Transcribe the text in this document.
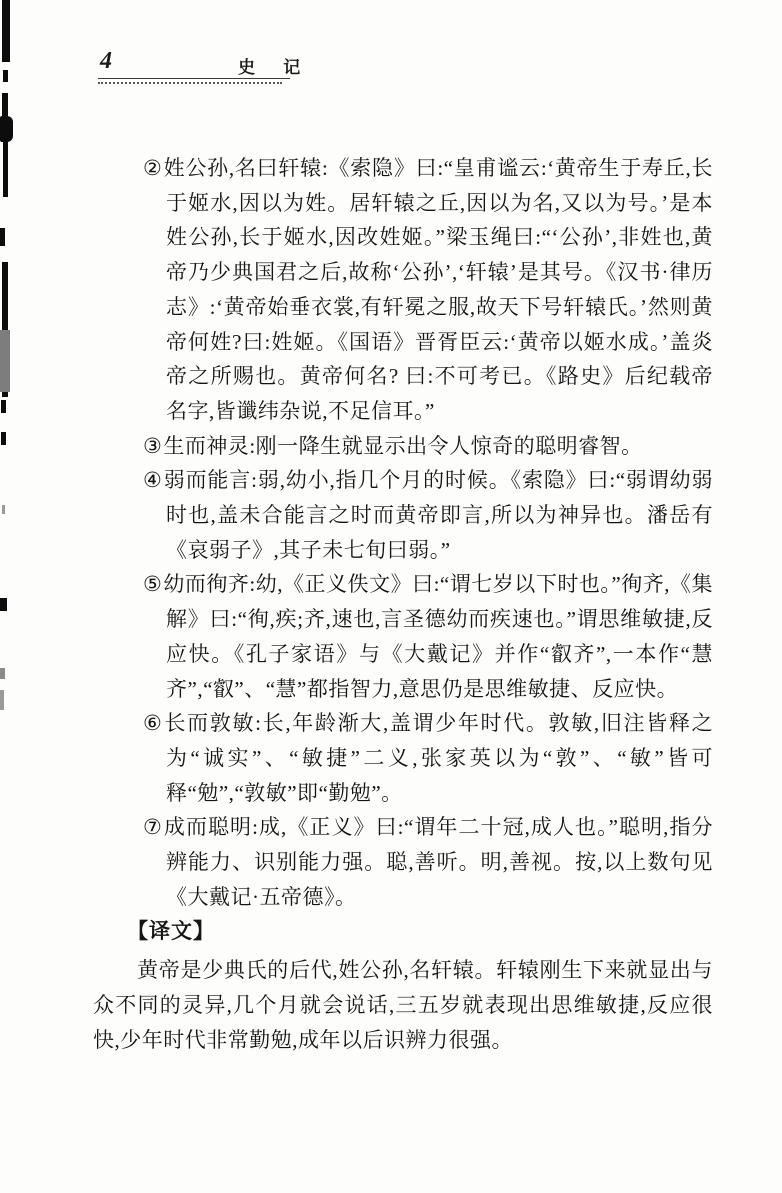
4	史 记
②姓公孙,名曰轩辕:《索隐》曰:“皇甫谧云:‘黄帝生于寿丘,长于姬水,因以为姓。居轩辕之丘,因以为名,又以为号。’是本姓公孙,长于姬水,因改姓姬。”梁玉绳曰:“‘公孙’,非姓也,黄帝乃少典国君之后,故称‘公孙’,‘轩辕’是其号。《汉书·律历志》:‘黄帝始垂衣裳,有轩冕之服,故天下号轩辕氏。’然则黄帝何姓?曰:姓姬。《国语》晋胥臣云:‘黄帝以姬水成。’盖炎帝之所赐也。黄帝何名? 曰:不可考已。《路史》后纪载帝名字,皆谶纬杂说,不足信耳。”
③生而神灵:刚一降生就显示出令人惊奇的聪明睿智。
④弱而能言:弱,幼小,指几个月的时候。《索隐》曰:“弱谓幼弱时也,盖未合能言之时而黄帝即言,所以为神异也。潘岳有《哀弱子》,其子未七旬曰弱。”
⑤幼而徇齐:幼,《正义佚文》曰:“谓七岁以下时也。”徇齐,《集解》曰:“徇,疾;齐,速也,言圣德幼而疾速也。”谓思维敏捷,反应快。《孔子家语》与《大戴记》并作“叡齐”,一本作“慧齐”,“叡”、“慧”都指智力,意思仍是思维敏捷、反应快。
⑥长而敦敏:长,年龄渐大,盖谓少年时代。敦敏,旧注皆释之为“诚实”、“敏捷”二义,张家英以为“敦”、“敏”皆可释“勉”,“敦敏”即“勤勉”。
⑦成而聪明:成,《正义》曰:“谓年二十冠,成人也。”聪明,指分辨能力、识别能力强。聪,善听。明,善视。按,以上数句见《大戴记·五帝德》。
【译文】
黄帝是少典氏的后代,姓公孙,名轩辕。轩辕刚生下来就显出与众不同的灵异,几个月就会说话,三五岁就表现出思维敏捷,反应很快,少年时代非常勤勉,成年以后识辨力很强。
